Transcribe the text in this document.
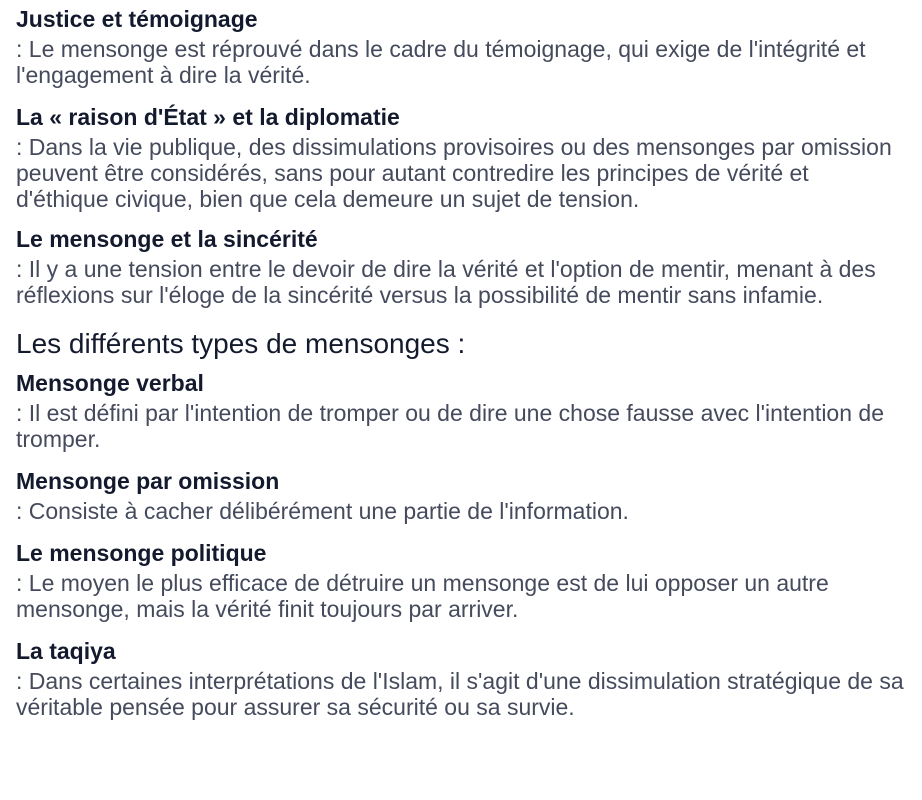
Justice et témoignage
: Le mensonge est réprouvé dans le cadre du témoignage, qui exige de l'intégrité et l'engagement à dire la vérité.
La « raison d'État » et la diplomatie
: Dans la vie publique, des dissimulations provisoires ou des mensonges par omission peuvent être considérés, sans pour autant contredire les principes de vérité et d'éthique civique, bien que cela demeure un sujet de tension.
Le mensonge et la sincérité
: Il y a une tension entre le devoir de dire la vérité et l'option de mentir, menant à des réflexions sur l'éloge de la sincérité versus la possibilité de mentir sans infamie.
Les différents types de mensonges :
Mensonge verbal
: Il est défini par l'intention de tromper ou de dire une chose fausse avec l'intention de tromper.
Mensonge par omission
: Consiste à cacher délibérément une partie de l'information.
Le mensonge politique
: Le moyen le plus efficace de détruire un mensonge est de lui opposer un autre mensonge, mais la vérité finit toujours par arriver.
La taqiya
: Dans certaines interprétations de l'Islam, il s'agit d'une dissimulation stratégique de sa véritable pensée pour assurer sa sécurité ou sa survie.
